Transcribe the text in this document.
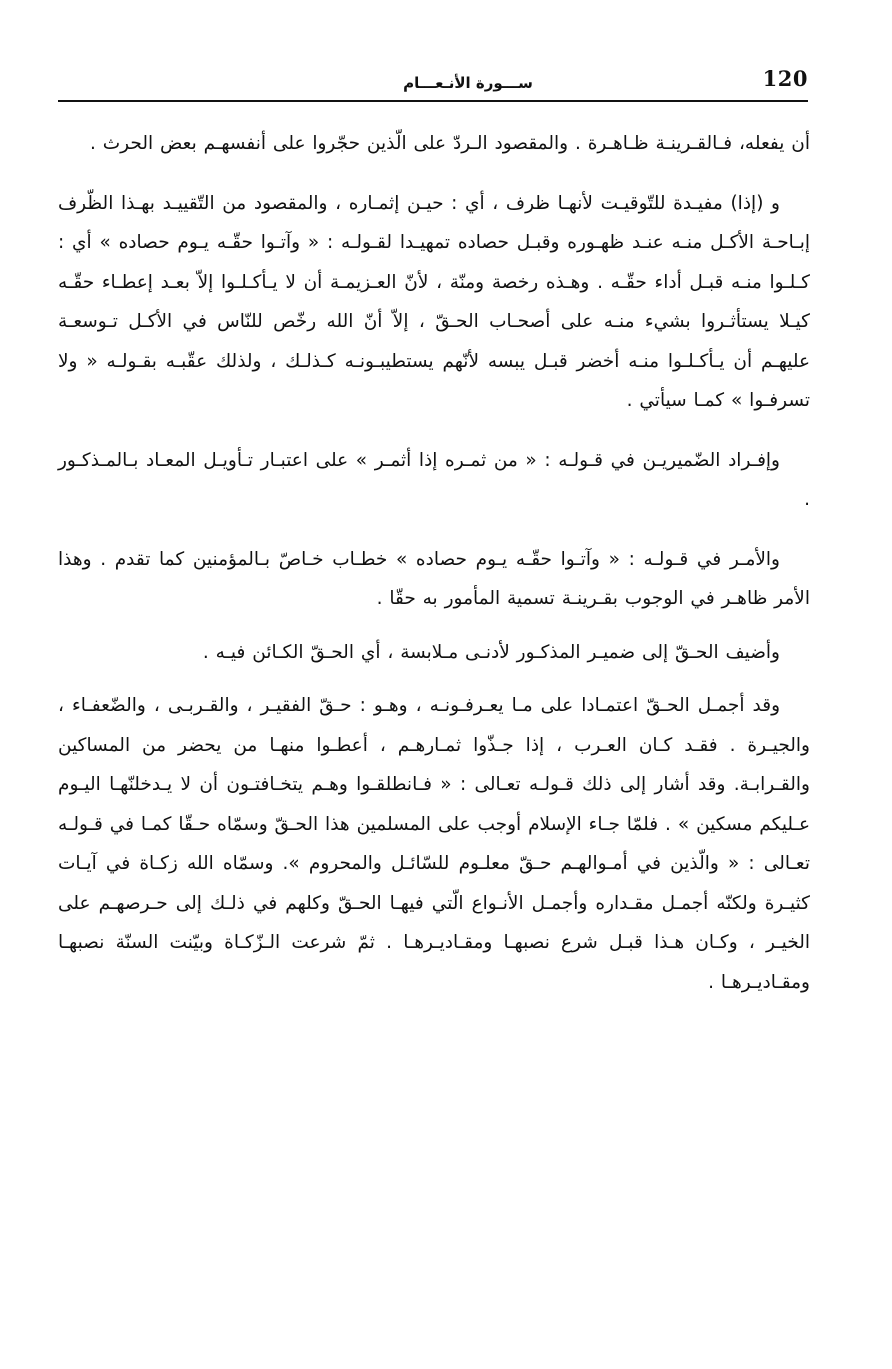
120
ســـورة الأنـعـــام

أن يفعله، فـالقـرينـة ظـاهـرة . والمقصود الـردّ على الّذين حجّروا على أنفسهـم بعض الحرث .

و (إذا) مفيـدة للتّوقيـت لأنهـا ظرف ، أي : حيـن إثمـاره ، والمقصود من التّقييـد بهـذا الظّرف إبـاحـة الأكـل منـه عنـد ظهـوره وقبـل حصاده تمهيـدا لقـولـه : « وآتـوا حقّـه يـوم حصاده » أي : كـلـوا منـه قبـل أداء حقّـه . وهـذه رخصة ومنّة ، لأنّ العـزيمـة أن لا يـأكـلـوا إلاّ بعـد إعطـاء حقّـه كيـلا يستأثـروا بشيء منـه على أصحـاب الحـقّ ، إلاّ أنّ الله رخّص للنّاس في الأكـل تـوسعـة عليهـم أن يـأكـلـوا منـه أخضر قبـل يبسه لأنّهم يستطيبـونـه كـذلـك ، ولذلك عقّبـه بقـولـه « ولا تسرفـوا » كمـا سيأتي .

وإفـراد الضّميريـن في قـولـه : « من ثمـره إذا أثمـر » على اعتبـار تـأويـل المعـاد بـالمـذكـور .

والأمـر في قـولـه : « وآتـوا حقّـه يـوم حصاده » خطـاب خـاصّ بـالمؤمنين كما تقدم . وهذا الأمر ظاهـر في الوجوب بقـرينـة تسمية المأمور به حقّا .

وأضيف الحـقّ إلى ضميـر المذكـور لأدنـى مـلابسة ، أي الحـقّ الكـائن فيـه .

وقد أجمـل الحـقّ اعتمـادا على مـا يعـرفـونـه ، وهـو : حـقّ الفقيـر ، والقـربـى ، والضّعفـاء ، والجيـرة . فقـد كـان العـرب ، إذا جـذّوا ثمـارهـم ، أعطـوا منهـا من يحضر من المساكين والقـرابـة. وقد أشار إلى ذلك قـولـه تعـالى : « فـانطلقـوا وهـم يتخـافتـون أن لا يـدخلنّهـا اليـوم عـليكم مسكين » . فلمّا جـاء الإسلام أوجب على المسلمين هذا الحـقّ وسمّاه حـقّا كمـا في قـولـه تعـالى : « والّذين في أمـوالهـم حـقّ معلـوم للسّائـل والمحروم ». وسمّاه الله زكـاة في آيـات كثيـرة ولكنّه أجمـل مقـداره وأجمـل الأنـواع الّتي فيهـا الحـقّ وكلهم في ذلـك إلى حـرصهـم على الخيـر ، وكـان هـذا قبـل شرع نصبهـا ومقـاديـرهـا . ثمّ شرعت الـزّكـاة وبيّنت السنّة نصبهـا ومقـاديـرهـا .
